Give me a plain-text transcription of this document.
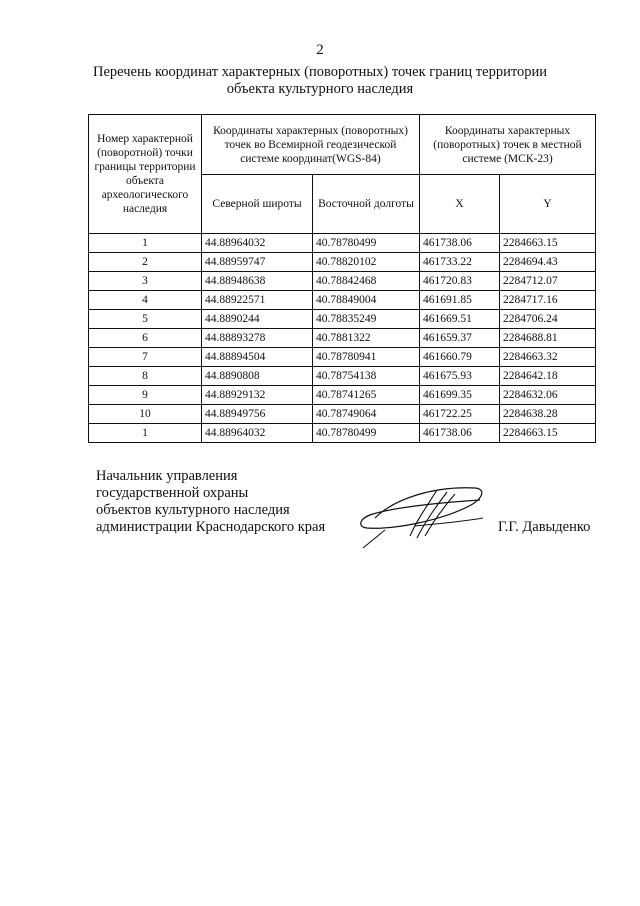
2
Перечень координат характерных (поворотных) точек границ территории
объекта культурного наследия
Номер характерной (поворотной) точки границы территории объекта археологического наследия	Координаты характерных (поворотных) точек во Всемирной геодезической системе координат(WGS-84)		Координаты характерных (поворотных) точек в местной системе (МСК-23)	
	Северной широты	Восточной долготы	X	Y
1	44.88964032	40.78780499	461738.06	2284663.15
2	44.88959747	40.78820102	461733.22	2284694.43
3	44.88948638	40.78842468	461720.83	2284712.07
4	44.88922571	40.78849004	461691.85	2284717.16
5	44.8890244	40.78835249	461669.51	2284706.24
6	44.88893278	40.7881322	461659.37	2284688.81
7	44.88894504	40.78780941	461660.79	2284663.32
8	44.8890808	40.78754138	461675.93	2284642.18
9	44.88929132	40.78741265	461699.35	2284632.06
10	44.88949756	40.78749064	461722.25	2284638.28
1	44.88964032	40.78780499	461738.06	2284663.15
Начальник управления
государственной охраны
объектов культурного наследия
администрации Краснодарского края	Г.Г. Давыденко
